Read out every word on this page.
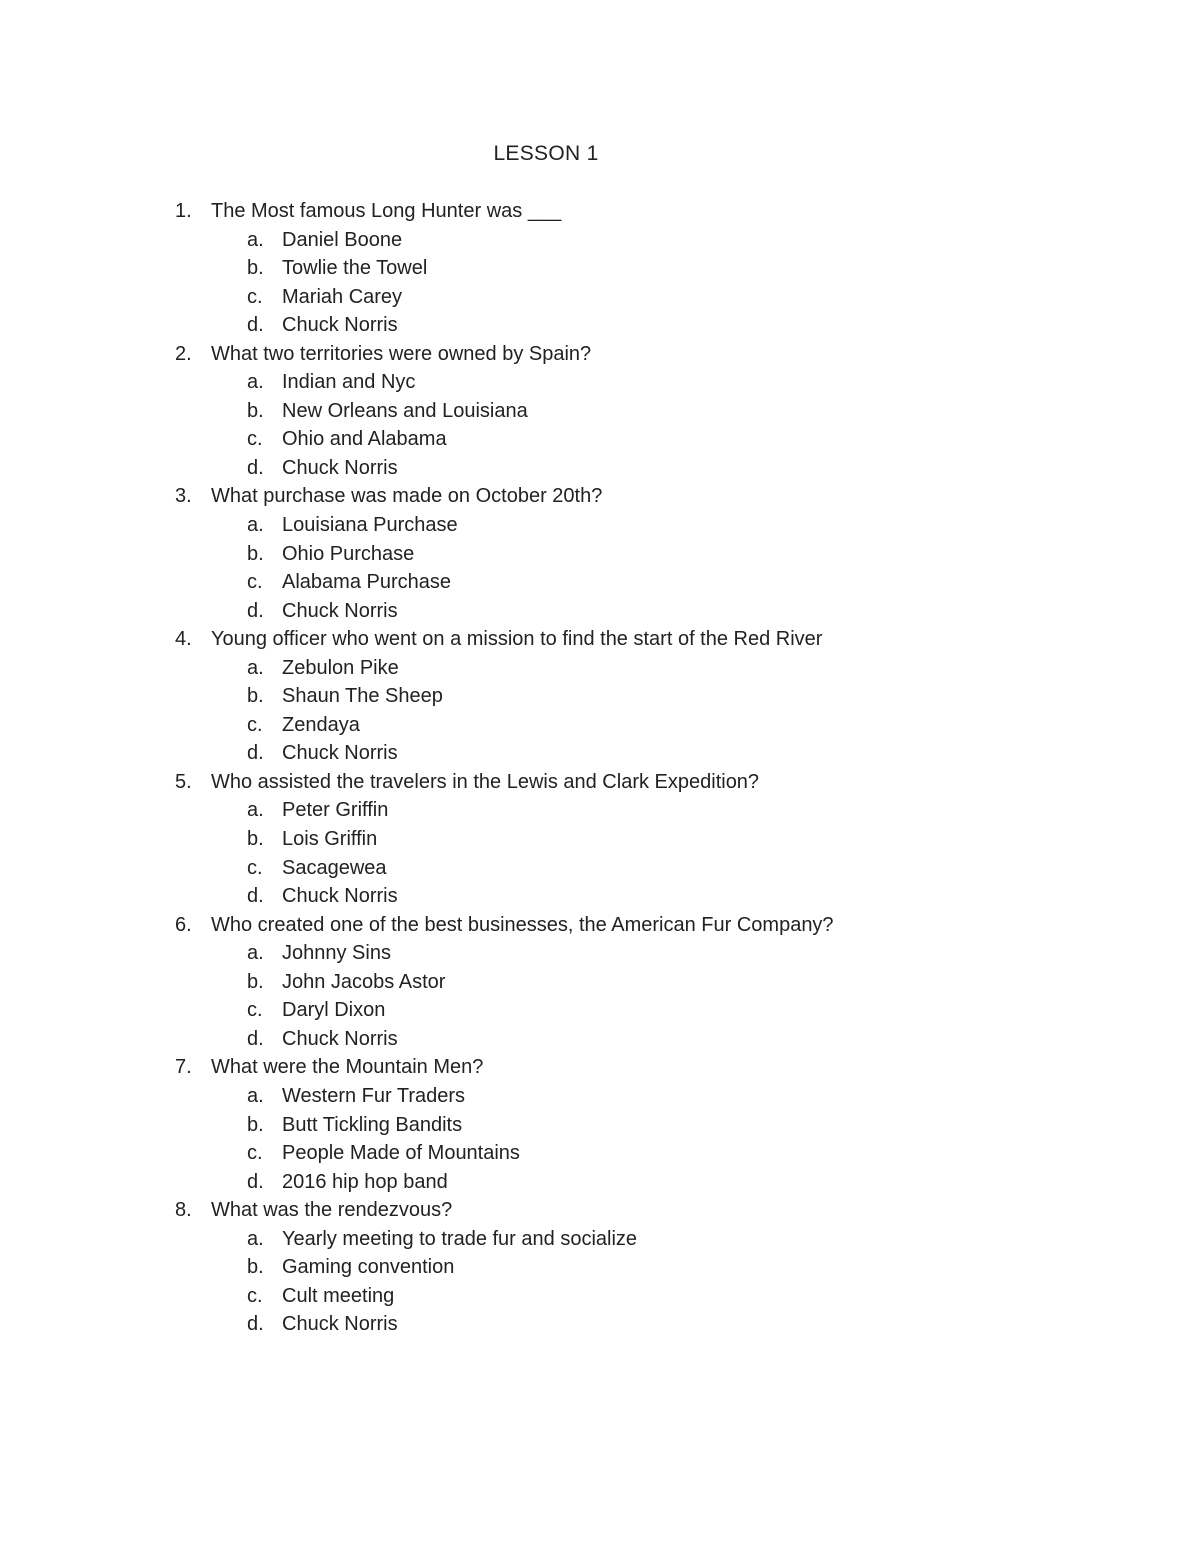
LESSON 1
1. The Most famous Long Hunter was ___
a. Daniel Boone
b. Towlie the Towel
c. Mariah Carey
d. Chuck Norris
2. What two territories were owned by Spain?
a. Indian and Nyc
b. New Orleans and Louisiana
c. Ohio and Alabama
d. Chuck Norris
3. What purchase was made on October 20th?
a. Louisiana Purchase
b. Ohio Purchase
c. Alabama Purchase
d. Chuck Norris
4. Young officer who went on a mission to find the start of the Red River
a. Zebulon Pike
b. Shaun The Sheep
c. Zendaya
d. Chuck Norris
5. Who assisted the travelers in the Lewis and Clark Expedition?
a. Peter Griffin
b. Lois Griffin
c. Sacagewea
d. Chuck Norris
6. Who created one of the best businesses, the American Fur Company?
a. Johnny Sins
b. John Jacobs Astor
c. Daryl Dixon
d. Chuck Norris
7. What were the Mountain Men?
a. Western Fur Traders
b. Butt Tickling Bandits
c. People Made of Mountains
d. 2016 hip hop band
8. What was the rendezvous?
a. Yearly meeting to trade fur and socialize
b. Gaming convention
c. Cult meeting
d. Chuck Norris
